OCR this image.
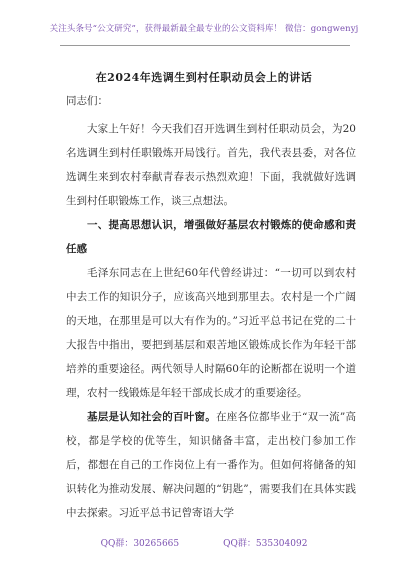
关注头条号“公文研究”，获得最新最全最专业的公文资料库！ 微信：gongwenyj
在2024年选调生到村任职动员会上的讲话
同志们：

大家上午好！今天我们召开选调生到村任职动员会，为20名选调生到村任职锻炼开局饯行。首先，我代表县委，对各位选调生来到农村奉献青春表示热烈欢迎！下面，我就做好选调生到村任职锻炼工作，谈三点想法。

一、提高思想认识，增强做好基层农村锻炼的使命感和责任感

毛泽东同志在上世纪60年代曾经讲过：“一切可以到农村中去工作的知识分子，应该高兴地到那里去。农村是一个广阔的天地，在那里是可以大有作为的。”习近平总书记在党的二十大报告中指出，要把到基层和艰苦地区锻炼成长作为年轻干部培养的重要途径。两代领导人时隔60年的论断都在说明一个道理，农村一线锻炼是年轻干部成长成才的重要途径。

基层是认知社会的百叶窗。在座各位都毕业于“双一流”高校，都是学校的优等生，知识储备丰富，走出校门参加工作后，都想在自己的工作岗位上有一番作为。但如何将储备的知识转化为推动发展、解决问题的“钥匙”，需要我们在具体实践中去探索。习近平总书记曾寄语大学

QQ群：30265665	QQ群：535304092
